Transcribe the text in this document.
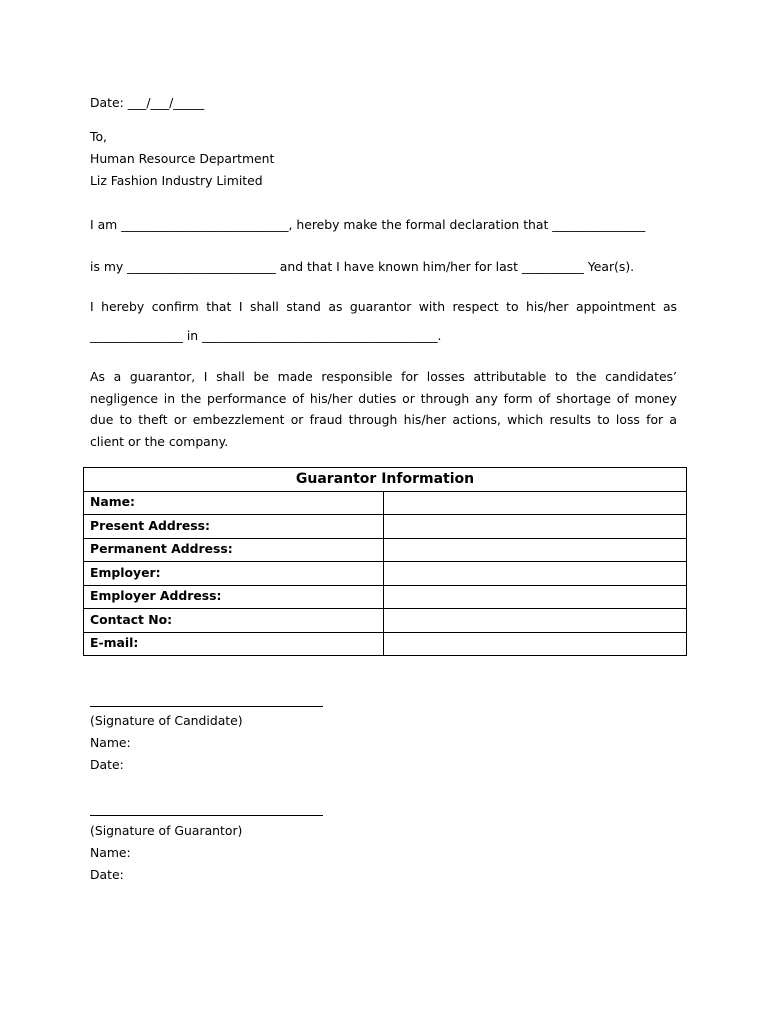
Date: ___/___/_____
To,
Human Resource Department
Liz Fashion Industry Limited
I am ___________________________, hereby make the formal declaration that _______________
is my ________________________ and that I have known him/her for last __________ Year(s).
I hereby confirm that I shall stand as guarantor with respect to his/her appointment as
_______________ in ______________________________________.
As a guarantor, I shall be made responsible for losses attributable to the candidates’ negligence in the performance of his/her duties or through any form of shortage of money due to theft or embezzlement or fraud through his/her actions, which results to loss for a client or the company.
Guarantor Information	
Name:	
Present Address:	
Permanent Address:	
Employer:	
Employer Address:	
Contact No:	
E-mail:	
(Signature of Candidate)
Name:
Date:
(Signature of Guarantor)
Name:
Date:
